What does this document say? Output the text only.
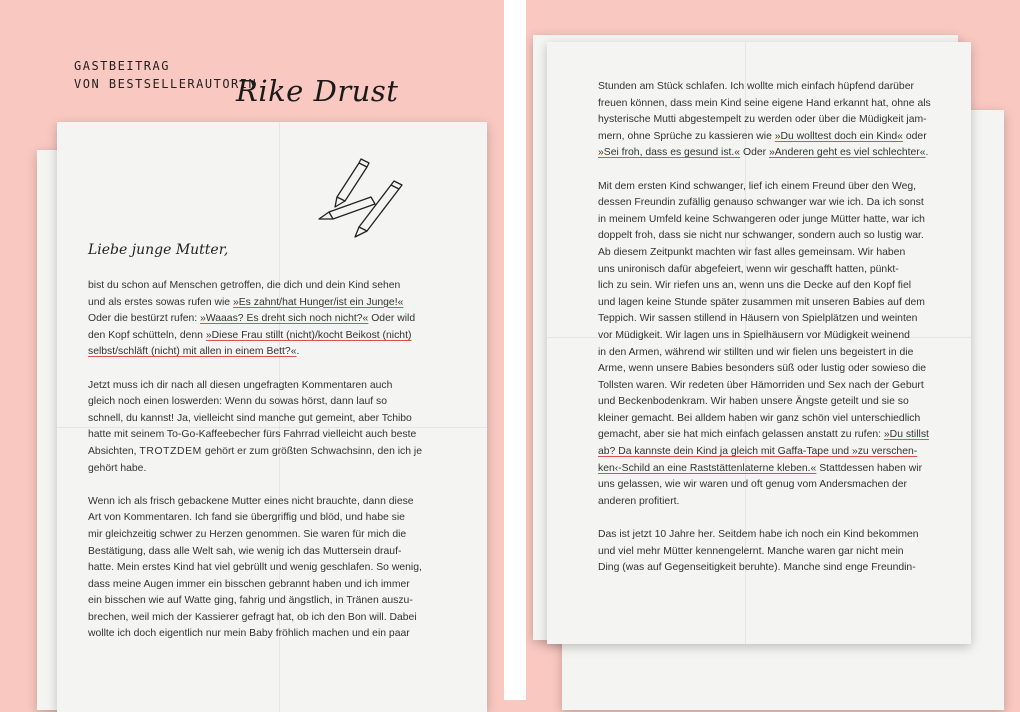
GASTBEITRAG
VON BESTSELLERAUTORIN
Rike Drust
Liebe junge Mutter,

bist du schon auf Menschen getroffen, die dich und dein Kind sehen
und als erstes sowas rufen wie »Es zahnt/hat Hunger/ist ein Junge!«
Oder die bestürzt rufen: »Waaas? Es dreht sich noch nicht?« Oder wild
den Kopf schütteln, denn »Diese Frau stillt (nicht)/kocht Beikost (nicht)
selbst/schläft (nicht) mit allen in einem Bett?«.

Jetzt muss ich dir nach all diesen ungefragten Kommentaren auch
gleich noch einen loswerden: Wenn du sowas hörst, dann lauf so
schnell, du kannst! Ja, vielleicht sind manche gut gemeint, aber Tchibo
hatte mit seinem To-Go-Kaffeebecher fürs Fahrrad vielleicht auch beste
Absichten, TROTZDEM gehört er zum größten Schwachsinn, den ich je
gehört habe.

Wenn ich als frisch gebackene Mutter eines nicht brauchte, dann diese
Art von Kommentaren. Ich fand sie übergriffig und blöd, und habe sie
mir gleichzeitig schwer zu Herzen genommen. Sie waren für mich die
Bestätigung, dass alle Welt sah, wie wenig ich das Muttersein drauf-
hatte. Mein erstes Kind hat viel gebrüllt und wenig geschlafen. So wenig,
dass meine Augen immer ein bisschen gebrannt haben und ich immer
ein bisschen wie auf Watte ging, fahrig und ängstlich, in Tränen auszu-
brechen, weil mich der Kassierer gefragt hat, ob ich den Bon will. Dabei
wollte ich doch eigentlich nur mein Baby fröhlich machen und ein paar

Stunden am Stück schlafen. Ich wollte mich einfach hüpfend darüber
freuen können, dass mein Kind seine eigene Hand erkannt hat, ohne als
hysterische Mutti abgestempelt zu werden oder über die Müdigkeit jam-
mern, ohne Sprüche zu kassieren wie »Du wolltest doch ein Kind« oder
»Sei froh, dass es gesund ist.« Oder »Anderen geht es viel schlechter«.

Mit dem ersten Kind schwanger, lief ich einem Freund über den Weg,
dessen Freundin zufällig genauso schwanger war wie ich. Da ich sonst
in meinem Umfeld keine Schwangeren oder junge Mütter hatte, war ich
doppelt froh, dass sie nicht nur schwanger, sondern auch so lustig war.
Ab diesem Zeitpunkt machten wir fast alles gemeinsam. Wir haben
uns unironisch dafür abgefeiert, wenn wir geschafft hatten, pünkt-
lich zu sein. Wir riefen uns an, wenn uns die Decke auf den Kopf fiel
und lagen keine Stunde später zusammen mit unseren Babies auf dem
Teppich. Wir sassen stillend in Häusern von Spielplätzen und weinten
vor Müdigkeit. Wir lagen uns in Spielhäusern vor Müdigkeit weinend
in den Armen, während wir stillten und wir fielen uns begeistert in die
Arme, wenn unsere Babies besonders süß oder lustig oder sowieso die
Tollsten waren. Wir redeten über Hämorriden und Sex nach der Geburt
und Beckenbodenkram. Wir haben unsere Ängste geteilt und sie so
kleiner gemacht. Bei alldem haben wir ganz schön viel unterschiedlich
gemacht, aber sie hat mich einfach gelassen anstatt zu rufen: »Du stillst
ab? Da kannste dein Kind ja gleich mit Gaffa-Tape und »zu verschen-
ken‹-Schild an eine Raststättenlaterne kleben.« Stattdessen haben wir
uns gelassen, wie wir waren und oft genug vom Andersmachen der
anderen profitiert.

Das ist jetzt 10 Jahre her. Seitdem habe ich noch ein Kind bekommen
und viel mehr Mütter kennengelernt. Manche waren gar nicht mein
Ding (was auf Gegenseitigkeit beruhte). Manche sind enge Freundin-
